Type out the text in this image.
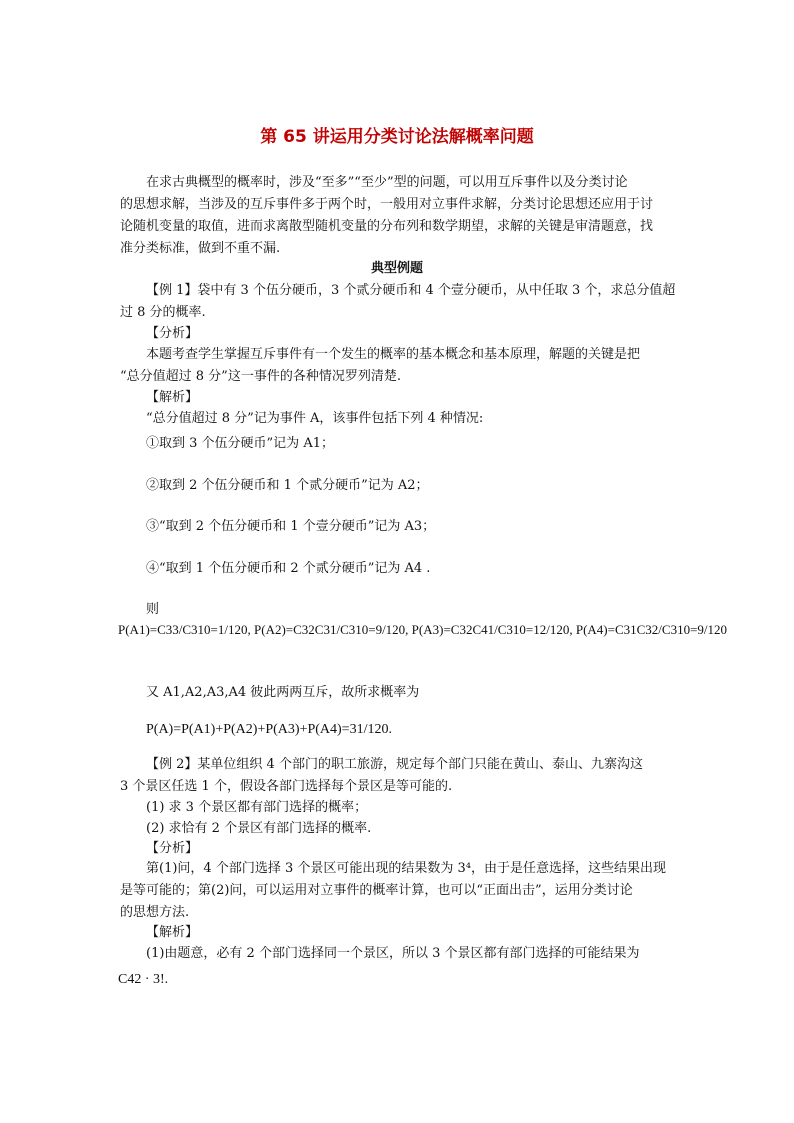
第 65 讲运用分类讨论法解概率问题
在求古典概型的概率时，涉及“至多”“至少”型的问题，可以用互斥事件以及分类讨论
的思想求解，当涉及的互斥事件多于两个时，一般用对立事件求解，分类讨论思想还应用于讨
论随机变量的取值，进而求离散型随机变量的分布列和数学期望，求解的关键是审清题意，找
准分类标准，做到不重不漏.
典型例题
【例 1】袋中有 3 个伍分硬币，3 个贰分硬币和 4 个壹分硬币，从中任取 3 个，求总分值超
过 8 分的概率.
【分析】
本题考查学生掌握互斥事件有一个发生的概率的基本概念和基本原理，解题的关键是把
“总分值超过 8 分”这一事件的各种情况罗列清楚.
【解析】
“总分值超过 8 分”记为事件 A，该事件包括下列 4 种情况:
①取到 3 个伍分硬币”记为 A1；
②取到 2 个伍分硬币和 1 个贰分硬币”记为 A2；
③“取到 2 个伍分硬币和 1 个壹分硬币”记为 A3；
④“取到 1 个伍分硬币和 2 个贰分硬币”记为 A4 .
则
P(A1)=C33/C310=1/120, P(A2)=C32C31/C310=9/120, P(A3)=C32C41/C310=12/120, P(A4)=C31C32/C310=9/120
又 A1,A2,A3,A4 彼此两两互斥，故所求概率为
P(A)=P(A1)+P(A2)+P(A3)+P(A4)=31/120.
【例 2】某单位组织 4 个部门的职工旅游，规定每个部门只能在黄山、泰山、九寨沟这
3 个景区任选 1 个，假设各部门选择每个景区是等可能的.
(1) 求 3 个景区都有部门选择的概率；
(2) 求恰有 2 个景区有部门选择的概率.
【分析】
第(1)问，4 个部门选择 3 个景区可能出现的结果数为 3⁴，由于是任意选择，这些结果出现
是等可能的；第(2)问，可以运用对立事件的概率计算，也可以“正面出击”，运用分类讨论
的思想方法.
【解析】
(1)由题意，必有 2 个部门选择同一个景区，所以 3 个景区都有部门选择的可能结果为
C42 · 3!.
